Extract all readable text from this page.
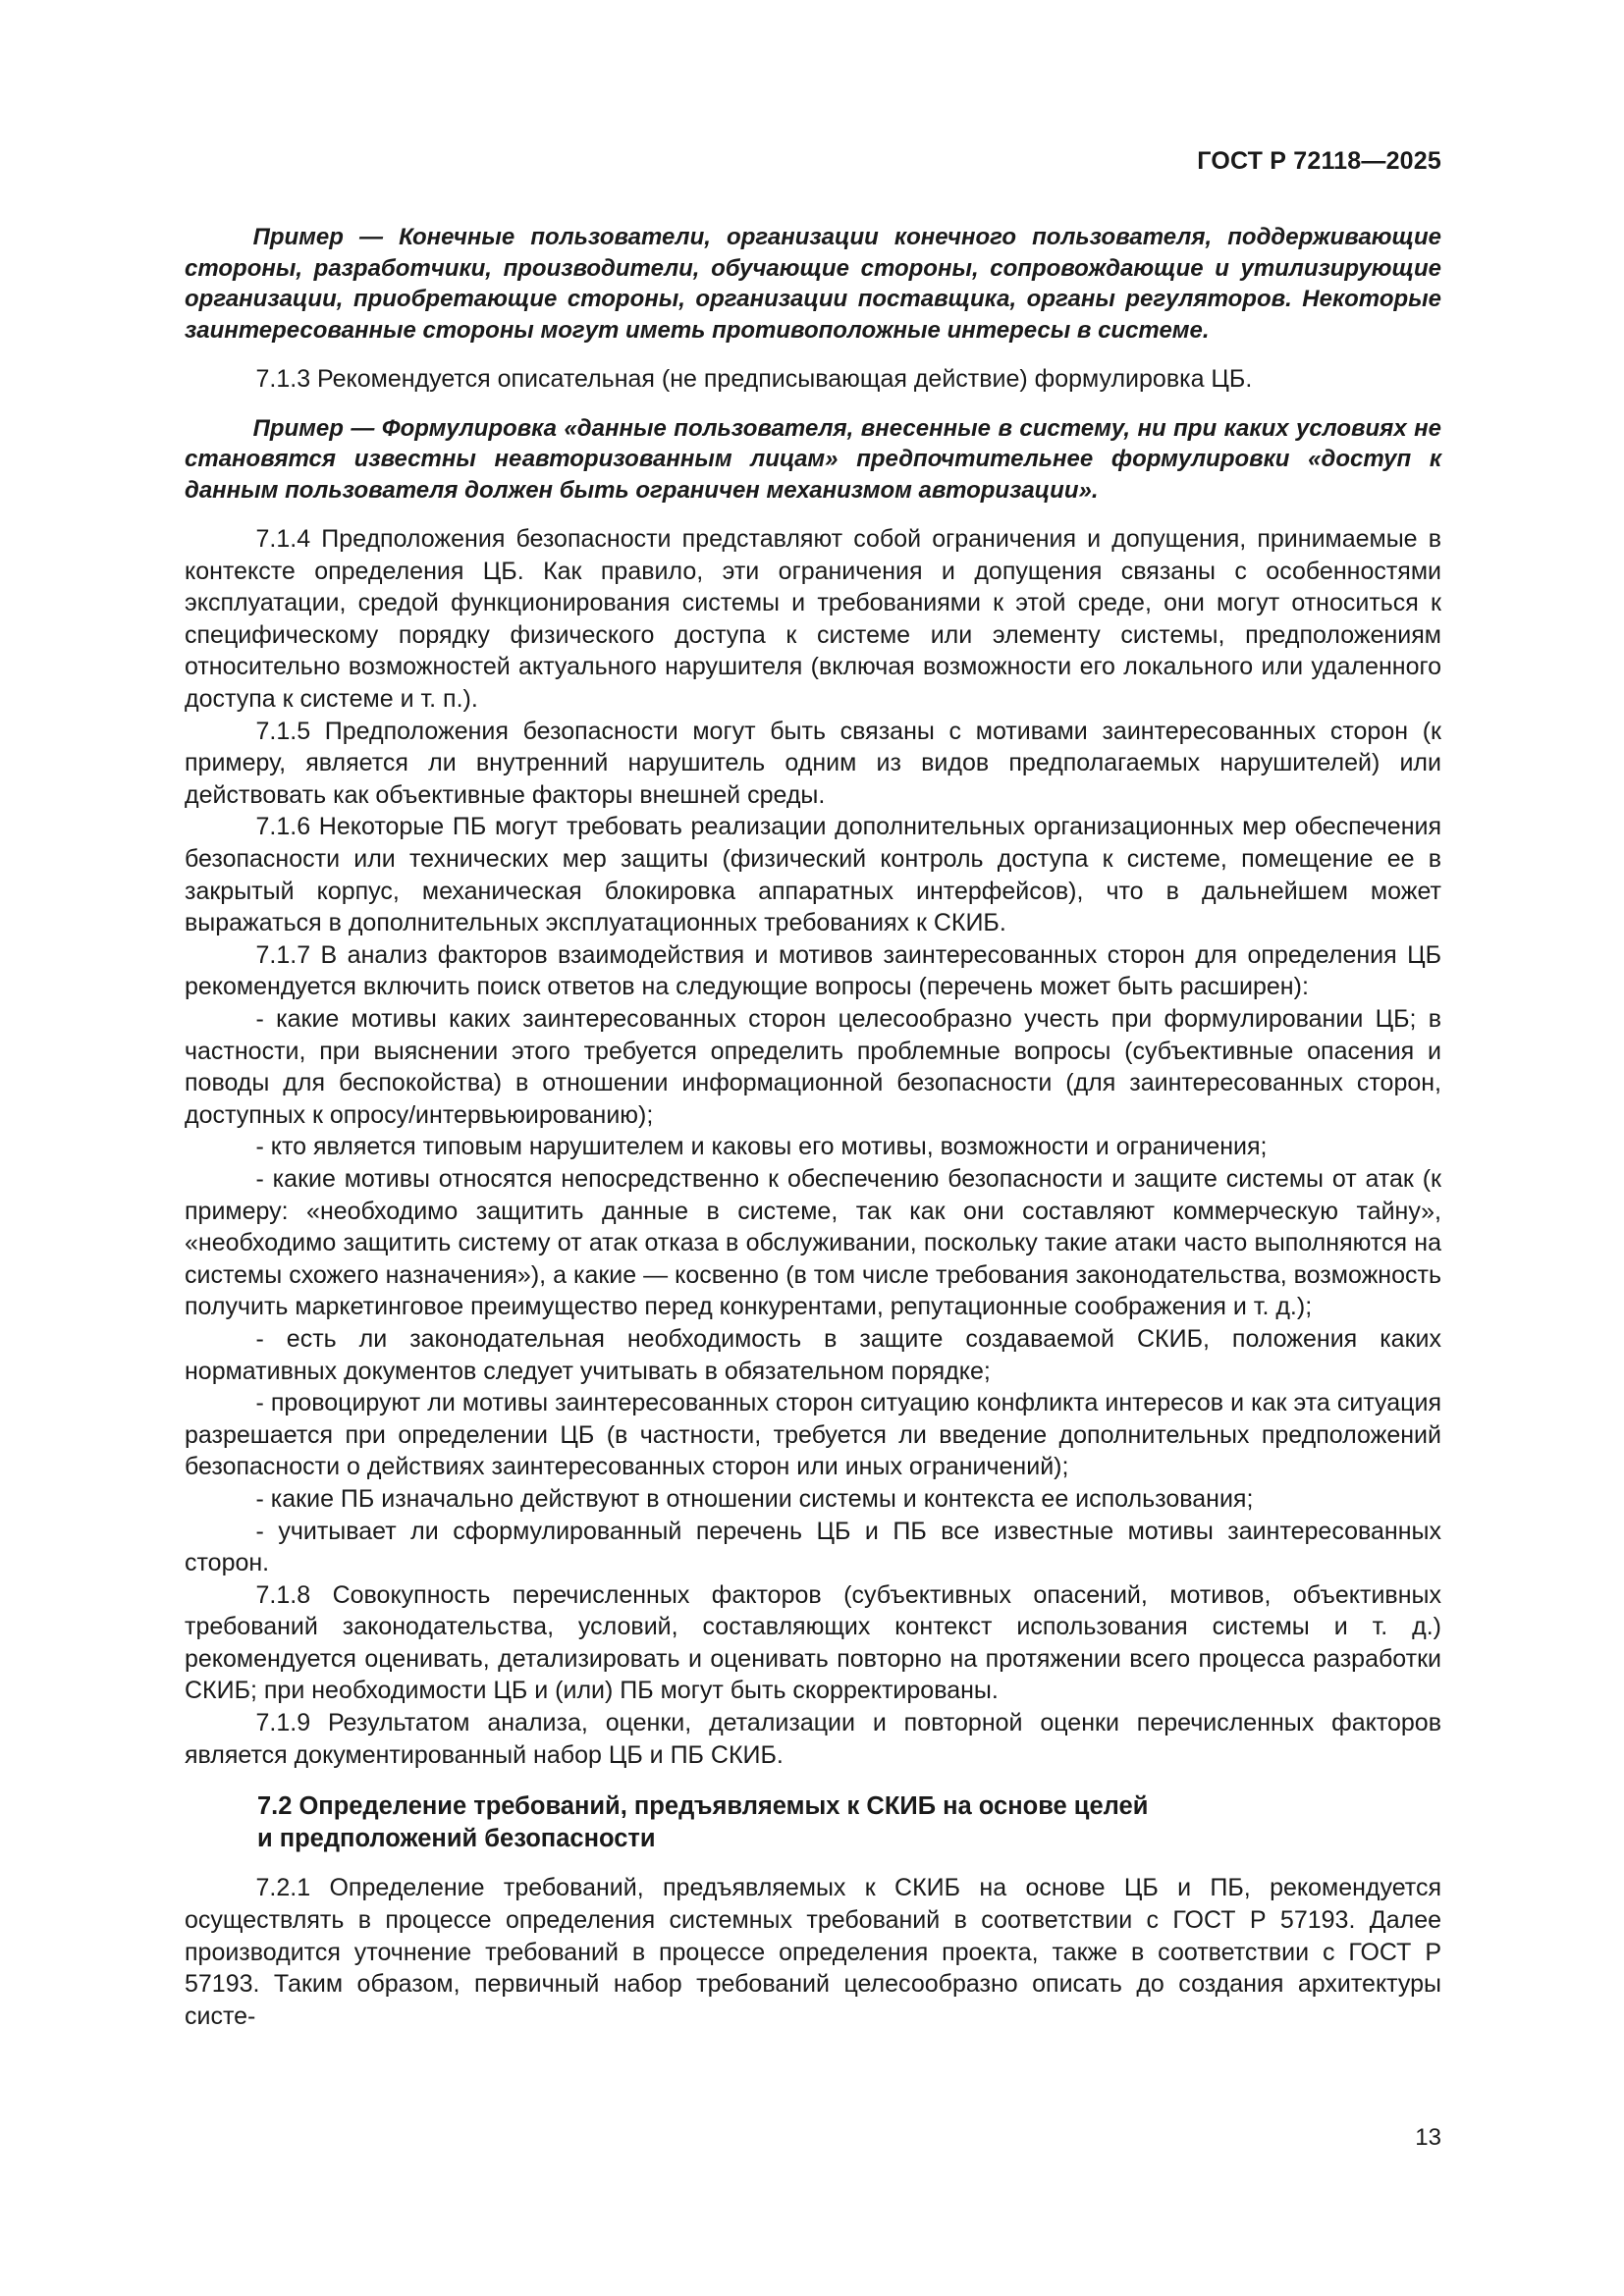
ГОСТ Р 72118—2025

Пример — Конечные пользователи, организации конечного пользователя, поддерживающие стороны, разработчики, производители, обучающие стороны, сопровождающие и утилизирующие организации, приобретающие стороны, организации поставщика, органы регуляторов. Некоторые заинтересованные стороны могут иметь противоположные интересы в системе.

7.1.3 Рекомендуется описательная (не предписывающая действие) формулировка ЦБ.

Пример — Формулировка «данные пользователя, внесенные в систему, ни при каких условиях не становятся известны неавторизованным лицам» предпочтительнее формулировки «доступ к данным пользователя должен быть ограничен механизмом авторизации».

7.1.4 Предположения безопасности представляют собой ограничения и допущения, принимаемые в контексте определения ЦБ. Как правило, эти ограничения и допущения связаны с особенностями эксплуатации, средой функционирования системы и требованиями к этой среде, они могут относиться к специфическому порядку физического доступа к системе или элементу системы, предположениям относительно возможностей актуального нарушителя (включая возможности его локального или удаленного доступа к системе и т. п.).

7.1.5 Предположения безопасности могут быть связаны с мотивами заинтересованных сторон (к примеру, является ли внутренний нарушитель одним из видов предполагаемых нарушителей) или действовать как объективные факторы внешней среды.

7.1.6 Некоторые ПБ могут требовать реализации дополнительных организационных мер обеспечения безопасности или технических мер защиты (физический контроль доступа к системе, помещение ее в закрытый корпус, механическая блокировка аппаратных интерфейсов), что в дальнейшем может выражаться в дополнительных эксплуатационных требованиях к СКИБ.

7.1.7 В анализ факторов взаимодействия и мотивов заинтересованных сторон для определения ЦБ рекомендуется включить поиск ответов на следующие вопросы (перечень может быть расширен):

- какие мотивы каких заинтересованных сторон целесообразно учесть при формулировании ЦБ; в частности, при выяснении этого требуется определить проблемные вопросы (субъективные опасения и поводы для беспокойства) в отношении информационной безопасности (для заинтересованных сторон, доступных к опросу/интервьюированию);

- кто является типовым нарушителем и каковы его мотивы, возможности и ограничения;

- какие мотивы относятся непосредственно к обеспечению безопасности и защите системы от атак (к примеру: «необходимо защитить данные в системе, так как они составляют коммерческую тайну», «необходимо защитить систему от атак отказа в обслуживании, поскольку такие атаки часто выполняются на системы схожего назначения»), а какие — косвенно (в том числе требования законодательства, возможность получить маркетинговое преимущество перед конкурентами, репутационные соображения и т. д.);

- есть ли законодательная необходимость в защите создаваемой СКИБ, положения каких нормативных документов следует учитывать в обязательном порядке;

- провоцируют ли мотивы заинтересованных сторон ситуацию конфликта интересов и как эта ситуация разрешается при определении ЦБ (в частности, требуется ли введение дополнительных предположений безопасности о действиях заинтересованных сторон или иных ограничений);

- какие ПБ изначально действуют в отношении системы и контекста ее использования;

- учитывает ли сформулированный перечень ЦБ и ПБ все известные мотивы заинтересованных сторон.

7.1.8 Совокупность перечисленных факторов (субъективных опасений, мотивов, объективных требований законодательства, условий, составляющих контекст использования системы и т. д.) рекомендуется оценивать, детализировать и оценивать повторно на протяжении всего процесса разработки СКИБ; при необходимости ЦБ и (или) ПБ могут быть скорректированы.

7.1.9 Результатом анализа, оценки, детализации и повторной оценки перечисленных факторов является документированный набор ЦБ и ПБ СКИБ.

7.2 Определение требований, предъявляемых к СКИБ на основе целей
и предположений безопасности

7.2.1 Определение требований, предъявляемых к СКИБ на основе ЦБ и ПБ, рекомендуется осуществлять в процессе определения системных требований в соответствии с ГОСТ Р 57193. Далее производится уточнение требований в процессе определения проекта, также в соответствии с ГОСТ Р 57193. Таким образом, первичный набор требований целесообразно описать до создания архитектуры систе-

13
